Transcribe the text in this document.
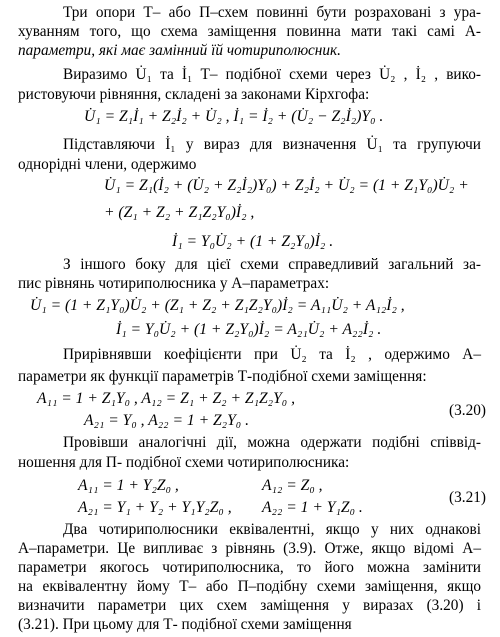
Три опори Т– або П–схем повинні бути розраховані з ура-
хуванням того, що схема заміщення повинна мати такі самі A-
параметри, які має замінний їй чотириполюсник.
Виразимо U̇₁ та İ₁ Т– подібної схеми через U̇₂ , İ₂ , вико-
ристовуючи рівняння, складені за законами Кірхгофа:
U̇₁ = Z₁İ₁ + Z₂İ₂ + U̇₂ , İ₁ = İ₂ + (U̇₂ − Z₂İ₂)Y₀ .
Підставляючи İ₁ у вираз для визначення U̇₁ та групуючи
однорідні члени, одержимо
U̇₁ = Z₁(İ₂ + (U̇₂ + Z₂İ₂)Y₀) + Z₂İ₂ + U̇₂ = (1 + Z₁Y₀)U̇₂ +
+ (Z₁ + Z₂ + Z₁Z₂Y₀)İ₂ ,
İ₁ = Y₀U̇₂ + (1 + Z₂Y₀)İ₂ .
З іншого боку для цієї схеми справедливий загальний за-
пис рівнянь чотириполюсника у A–параметрах:
U̇₁ = (1 + Z₁Y₀)U̇₂ + (Z₁ + Z₂ + Z₁Z₂Y₀)İ₂ = A₁₁U̇₂ + A₁₂İ₂ ,
İ₁ = Y₀U̇₂ + (1 + Z₂Y₀)İ₂ = A₂₁U̇₂ + A₂₂İ₂ .
Прирівнявши коефіцієнти при U̇₂ та İ₂ , одержимо A–
параметри як функції параметрів Т-подібної схеми заміщення:
A₁₁ = 1 + Z₁Y₀ , A₁₂ = Z₁ + Z₂ + Z₁Z₂Y₀ ,
A₂₁ = Y₀ , A₂₂ = 1 + Z₂Y₀ .
(3.20)
Провівши аналогічні дії, можна одержати подібні співвід-
ношення для П- подібної схеми чотириполюсника:
A₁₁ = 1 + Y₂Z₀ ,	A₁₂ = Z₀ ,
A₂₁ = Y₁ + Y₂ + Y₁Y₂Z₀ , A₂₂ = 1 + Y₁Z₀ .
(3.21)
Два чотириполюсники еквівалентні, якщо у них однакові
A–параметри. Це випливає з рівнянь (3.9). Отже, якщо відомі A–
параметри якогось чотириполюсника, то його можна замінити
на еквівалентну йому Т– або П–подібну схеми заміщення, якщо
визначити параметри цих схем заміщення у виразах (3.20) і
(3.21). При цьому для Т- подібної схеми заміщення
